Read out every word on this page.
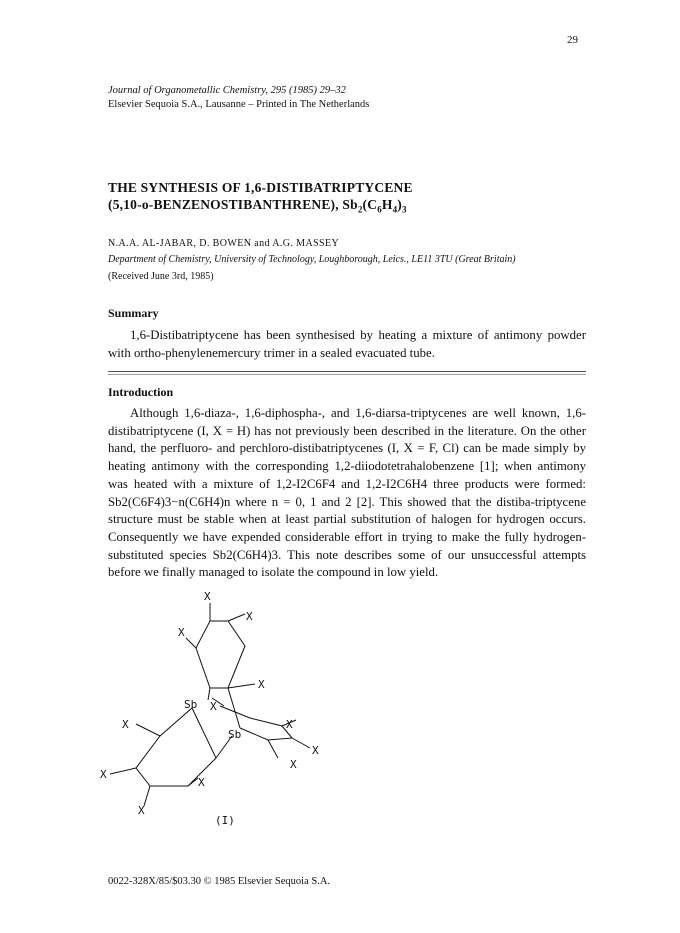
29
Journal of Organometallic Chemistry, 295 (1985) 29–32
Elsevier Sequoia S.A., Lausanne – Printed in The Netherlands
THE SYNTHESIS OF 1,6-DISTIBATRIPTYCENE
(5,10-o-BENZENOSTIBANTHRENE), $Sb_2(C_6H_4)_3$
N.A.A. AL-JABAR, D. BOWEN and A.G. MASSEY
Department of Chemistry, University of Technology, Loughborough, Leics., LE11 3TU (Great Britain)
(Received June 3rd, 1985)
Summary

1,6-Distibatriptycene has been synthesised by heating a mixture of antimony powder with ortho-phenylenemercury trimer in a sealed evacuated tube.

Introduction

Although 1,6-diaza-, 1,6-diphospha-, and 1,6-diarsa-triptycenes are well known, 1,6-distibatriptycene (I, X = H) has not previously been described in the literature. On the other hand, the perfluoro- and perchloro-distibatriptycenes (I, X = F, Cl) can be made simply by heating antimony with the corresponding 1,2-diiodotetrahalobenzene [1]; when antimony was heated with a mixture of 1,2-I2C6F4 and 1,2-I2C6H4 three products were formed: Sb2(C6F4)3−n(C6H4)n where n = 0, 1 and 2 [2]. This showed that the distiba-triptycene structure must be stable when at least partial substitution of halogen for hydrogen occurs. Consequently we have expended considerable effort in trying to make the fully hydrogen-substituted species Sb2(C6H4)3. This note describes some of our unsuccessful attempts before we finally managed to isolate the compound in low yield.

X
X
X
X
Sb X
X
Sb
X
X
X
X
X
X
(I)
0022-328X/85/$03.30 © 1985 Elsevier Sequoia S.A.
